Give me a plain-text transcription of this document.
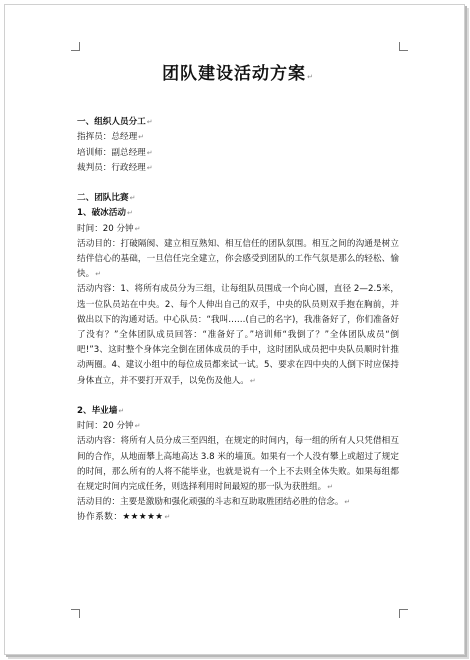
团队建设活动方案↵

一、组织人员分工↵

指挥员：总经理↵

培训师：副总经理↵

裁判员：行政经理↵

二、团队比赛↵

1、破冰活动↵

时间：20 分钟↵

活动目的：打破隔阂、建立相互熟知、相互信任的团队氛围。相互之间的沟通是树立结伴信心的基础，一旦信任完全建立，你会感受到团队的工作气氛是那么的轻松、愉快。↵

活动内容：1、将所有成员分为三组，让每组队员围成一个向心圆，直径 2—2.5米，选一位队员站在中央。2、每个人伸出自己的双手，中央的队员则双手抱在胸前，并做出以下的沟通对话。中心队员：“我叫……(自己的名字)，我准备好了，你们准备好了没有？”全体团队成员回答：“准备好了。”培训师“我倒了？”全体团队成员“倒吧!”3、这时整个身体完全倒在团体成员的手中，这时团队成员把中央队员顺时针推动两圈。4、建议小组中的每位成员都来试一试。5、要求在四中央的人倒下时应保持身体直立，并不要打开双手，以免伤及他人。↵

2、毕业墙↵

时间：20 分钟↵

活动内容：将所有人员分成三至四组，在规定的时间内，每一组的所有人只凭借相互间的合作，从地面攀上高地高达 3.8 米的墙顶。如果有一个人没有攀上或超过了规定的时间，那么所有的人将不能毕业，也就是说有一个上不去则全体失败。如果每组都在规定时间内完成任务，则选择利用时间最短的那一队为获胜组。↵

活动目的：主要是激励和强化顽强的斗志和互助取胜团结必胜的信念。↵

协作系数：★★★★★↵
